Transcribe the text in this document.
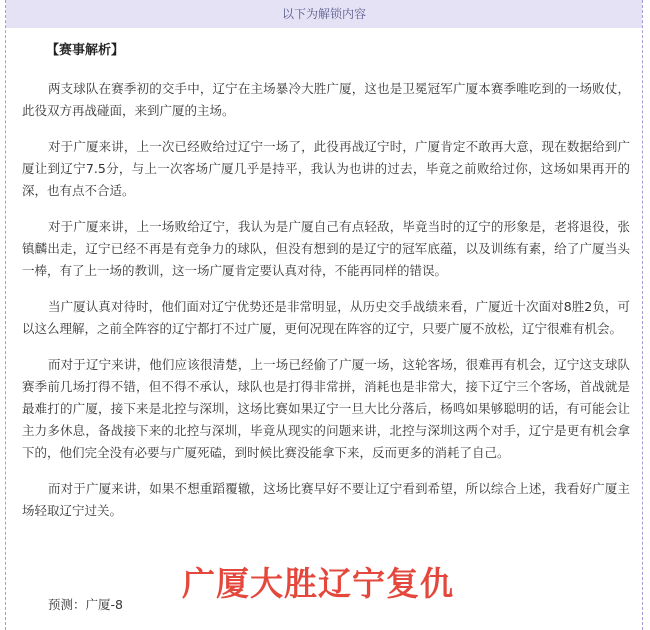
以下为解锁内容
【赛事解析】

两支球队在赛季初的交手中，辽宁在主场暴冷大胜广厦，这也是卫冕冠军广厦本赛季唯吃到的一场败仗，此役双方再战碰面，来到广厦的主场。

对于广厦来讲，上一次已经败给过辽宁一场了，此役再战辽宁时，广厦肯定不敢再大意，现在数据给到广厦让到辽宁7.5分，与上一次客场广厦几乎是持平，我认为也讲的过去，毕竟之前败给过你，这场如果再开的深，也有点不合适。

对于广厦来讲，上一场败给辽宁，我认为是广厦自己有点轻敌，毕竟当时的辽宁的形象是，老将退役，张镇麟出走，辽宁已经不再是有竞争力的球队，但没有想到的是辽宁的冠军底蕴，以及训练有素，给了广厦当头一棒，有了上一场的教训，这一场广厦肯定要认真对待，不能再同样的错误。

当广厦认真对待时，他们面对辽宁优势还是非常明显，从历史交手战绩来看，广厦近十次面对8胜2负，可以这么理解，之前全阵容的辽宁都打不过广厦，更何况现在阵容的辽宁，只要广厦不放松，辽宁很难有机会。

而对于辽宁来讲，他们应该很清楚，上一场已经偷了广厦一场，这轮客场，很难再有机会，辽宁这支球队赛季前几场打得不错，但不得不承认，球队也是打得非常拼，消耗也是非常大，接下辽宁三个客场，首战就是最难打的广厦，接下来是北控与深圳，这场比赛如果辽宁一旦大比分落后，杨鸣如果够聪明的话，有可能会让主力多休息，备战接下来的北控与深圳，毕竟从现实的问题来讲，北控与深圳这两个对手，辽宁是更有机会拿下的，他们完全没有必要与广厦死磕，到时候比赛没能拿下来，反而更多的消耗了自己。

而对于广厦来讲，如果不想重蹈覆辙，这场比赛早好不要让辽宁看到希望，所以综合上述，我看好广厦主场轻取辽宁过关。

预测：广厦-8
广厦大胜辽宁复仇
